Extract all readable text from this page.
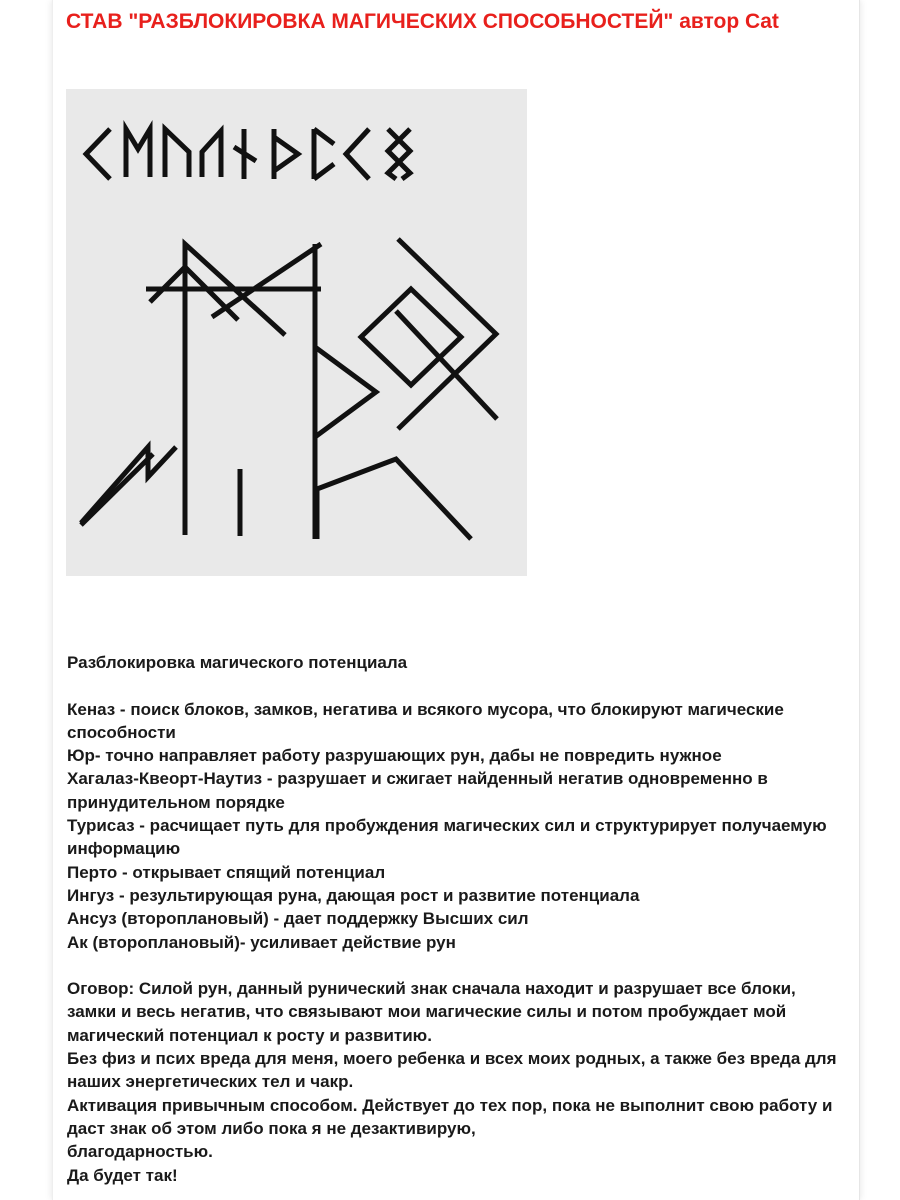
СТАВ "РАЗБЛОКИРОВКА МАГИЧЕСКИХ СПОСОБНОСТЕЙ" автор Cat

Разблокировка магического потенциала

Кеназ - поиск блоков, замков, негатива и всякого мусора, что блокируют магические способности

Юр- точно направляет работу разрушающих рун, дабы не повредить нужное

Хагалаз-Квеорт-Наутиз - разрушает и сжигает найденный негатив одновременно в принудительном порядке

Турисаз - расчищает путь для пробуждения магических сил и структурирует получаемую информацию

Перто - открывает спящий потенциал

Ингуз - результирующая руна, дающая рост и развитие потенциала

Ансуз (второплановый) - дает поддержку Высших сил

Ак (второплановый)- усиливает действие рун

Оговор: Силой рун, данный рунический знак сначала находит и разрушает все блоки, замки и весь негатив, что связывают мои магические силы и потом пробуждает мой магический потенциал к росту и развитию.

Без физ и псих вреда для меня, моего ребенка и всех моих родных, а также без вреда для наших энергетических тел и чакр.

Активация привычным способом. Действует до тех пор, пока не выполнит свою работу и даст знак об этом либо пока я не дезактивирую,

благодарностью.

Да будет так!
